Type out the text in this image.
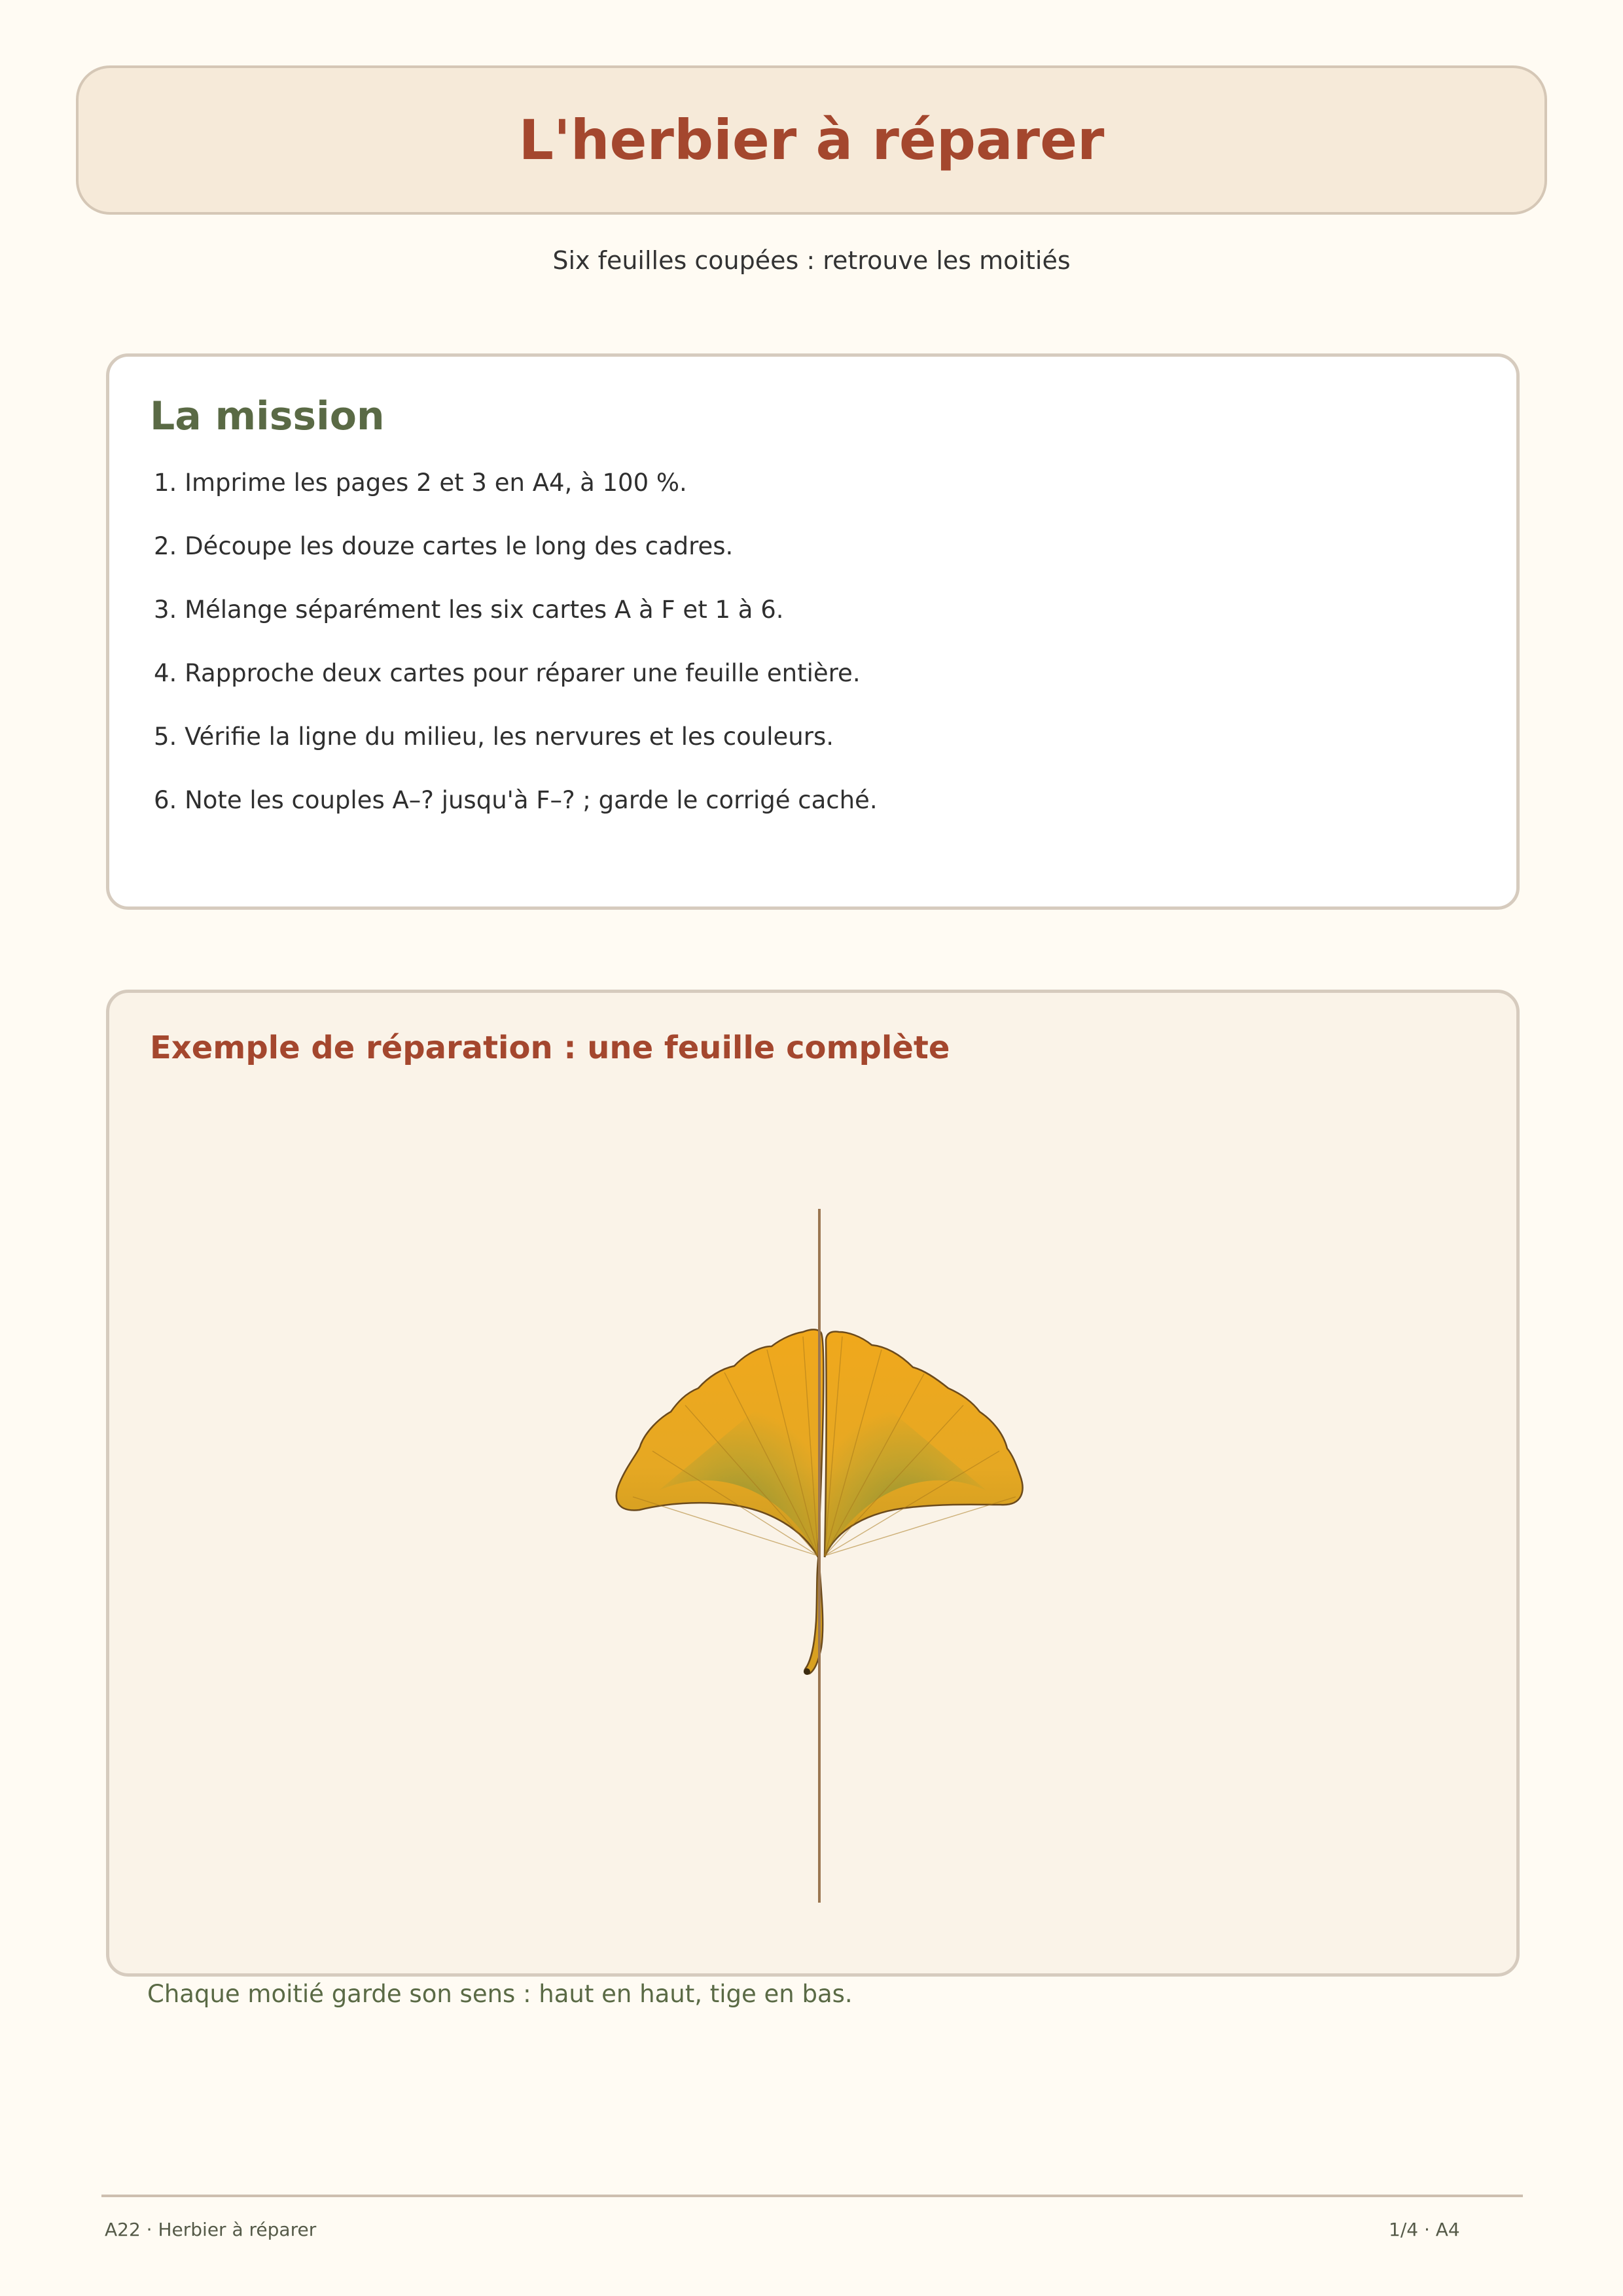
L'herbier à réparer
Six feuilles coupées : retrouve les moitiés
La mission
1. Imprime les pages 2 et 3 en A4, à 100 %.
2. Découpe les douze cartes le long des cadres.
3. Mélange séparément les six cartes A à F et 1 à 6.
4. Rapproche deux cartes pour réparer une feuille entière.
5. Vérifie la ligne du milieu, les nervures et les couleurs.
6. Note les couples A–? jusqu'à F–? ; garde le corrigé caché.
Exemple de réparation : une feuille complète
Chaque moitié garde son sens : haut en haut, tige en bas.
A22 · Herbier à réparer	1/4 · A4
